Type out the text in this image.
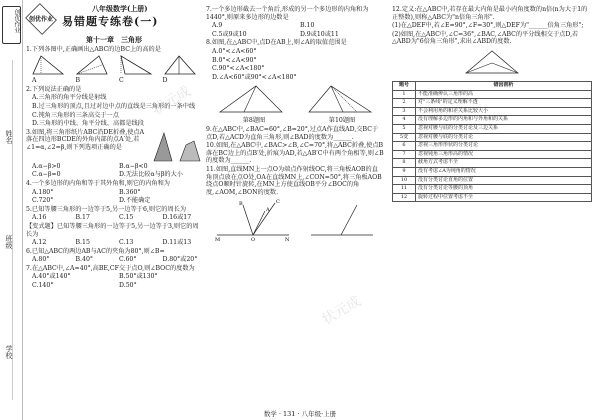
创优作业
姓名
班级
学校
创优作业
八年级数学(上册)
易错题专练卷(一)
第十一章　三角形
1.下列各图中,正确画出△ABC的边BC上的高的是
A	B	C	D
2.下列说法正确的是
A.三角形的角平分线是射线
B.过三角形的顶点,且过对边中点的直线是三角形的一条中线
C.钝角三角形的三条高交于一点
D.三角形的中线、角平分线、高都是线段
3.如图,将三角形纸片ABC沿DE折叠,使点A落在四边形BCDE的外角内部的点A′处,若∠1=α,∠2=β,则下列选项正确的是
A.α−β>0	B.α−β<0
C.α−β=0	D.无法比较α与β的大小
4.一个多边形的内角和等于其外角和,则它的内角和为
A.180°	B.360°
C.720°	D.不能确定
5.已知等腰三角形的一边等于5,另一边等于6,则它的周长为
A.16	B.17	C.15	D.16或17
【变式题】已知等腰三角形的一边等于5,另一边等于3,则它的周长为
A.12	B.15	C.13	D.11或13
6.已知△ABC的两边AB与AC的夹角为80°,则∠B=
A.80°	B.40°	C.60°	D.80°或20°
7.在△ABC中,∠A=40°,高BE,CF交于点O,则∠BOC的度数为
A.40°或140°	B.50°或130°
C.140°	D.50°
7.一个多边形截去一个角后,形成的另一个多边形的内角和为1440°,则原来多边形的边数是
A.9	B.10
C.5或9或10	D.9或10或11
8.如图,在△ABC中,点D在AB上,则∠A的取值范围是
A.0°<∠A<60°
B.0°<∠A<90°
C.90°<∠A<180°
D.∠A<60°或90°<∠A<180°
第8题图	第10题图
9.在△ABC中,∠BAC=60°,∠B=20°,过点A作直线AD,交BC于点D,若△ACD为直角三角形,则∠BAD的度数为______.
10.如图,在△ABC中,∠BAC>∠B,∠C=70°,将△ABC折叠,使点B落在BC边上的点B′处,折痕为AD,若△AB′C中有两个角相等,则∠B的度数为______.
11.如图,直线MN上一点O为端点作射线OC,将三角板AOB的直角顶点放在点O处,OA在直线MN上,∠CON=50°,将三角板AOB绕点O顺时针旋转,在MN上方使直线OB平分∠BOC的角度,∠AOM,∠BON的度数.
M	O	N
C
B
A
12.定义:在△ABC中,若存在最大内角是最小内角度数的n倍(n为大于1的正整数),则称△ABC为"n倍角三角形".
(1)在△DEF中,若∠E=90°,∠F=30°,则△DEF为"______倍角三角形";
(2)如图,在△ABC中,∠C=36°,∠BAC,∠ABC的平分线相交于点D,若△ABD为"6倍角三角形",求出∠ABD的度数.
题号	错因剖析
1	不能准确辨认三角形的高
2	对"三条线"的定义理解不透
3	不会利用角的和差关系比较大小
4	没有理解多边形的内角和与外角和的关系
5	忽视对腰与底的分类讨论及三边关系
5变	忽视对腰与底的分类讨论
6	忽视三角形形状的分类讨论
7	忽视钝角三角形高的情况
8	截角方式考虑不全
9	没有考虑∠A为钝角的情况
10	没有分类讨论直角的位置
11	没有分类讨论等腰的顶角
12	旋转过程中位置考虑不全
状元成
状元成
数学 · 131 · 八年级·上册
